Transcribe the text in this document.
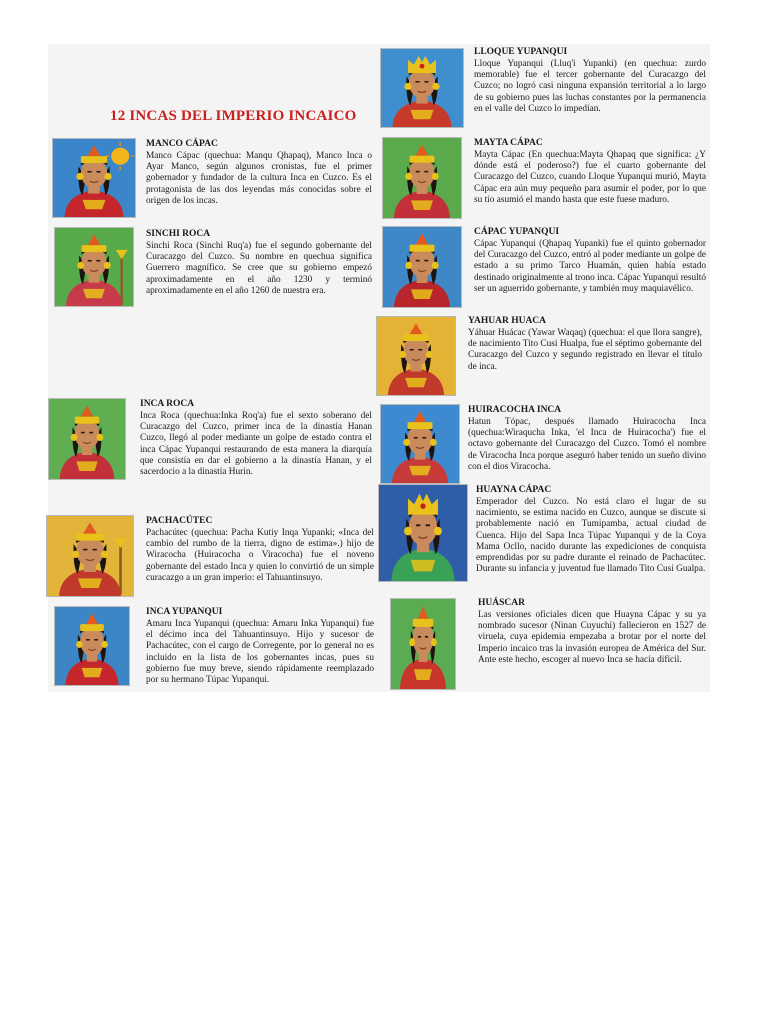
12 INCAS DEL IMPERIO INCAICO
MANCO CÁPAC
Manco Cápac (quechua: Manqu Qhapaq), Manco Inca o Ayar Manco, según algunos cronistas, fue el primer gobernador y fundador de la cultura Inca en Cuzco. Es el protagonista de las dos leyendas más conocidas sobre el origen de los incas.
SINCHI ROCA
Sinchi Roca (Sinchi Ruq'a) fue el segundo gobernante del Curacazgo del Cuzco. Su nombre en quechua significa Guerrero magnífico. Se cree que su gobierno empezó aproximadamente en el año 1230 y terminó aproximadamente en el año 1260 de nuestra era.
INCA ROCA
Inca Roca (quechua:Inka Roq'a) fue el sexto soberano del Curacazgo del Cuzco, primer inca de la dinastía Hanan Cuzco, llegó al poder mediante un golpe de estado contra el inca Cápac Yupanqui restaurando de esta manera la diarquía que consistía en dar el gobierno a la dinastía Hanan, y el sacerdocio a la dinastía Hurin.
PACHACÚTEC
Pachacútec (quechua: Pacha Kutiy Inqa Yupanki; «Inca del cambio del rumbo de la tierra, digno de estima».) hijo de Wiracocha (Huiracocha o Viracocha) fue el noveno gobernante del estado Inca y quien lo convirtió de un simple curacazgo a un gran imperio: el Tahuantinsuyo.
INCA YUPANQUI
Amaru Inca Yupanqui (quechua: Amaru Inka Yupanqui) fue el décimo inca del Tahuantinsuyo. Hijo y sucesor de Pachacútec, con el cargo de Corregente, por lo general no es incluido en la lista de los gobernantes incas, pues su gobierno fue muy breve, siendo rápidamente reemplazado por su hermano Túpac Yupanqui.
LLOQUE YUPANQUI
Lloque Yupanqui (Lluq'i Yupanki) (en quechua: zurdo memorable) fue el tercer gobernante del Curacazgo del Cuzco; no logró casi ninguna expansión territorial a lo largo de su gobierno pues las luchas constantes por la permanencia en el valle del Cuzco lo impedían.
MAYTA CÁPAC
Mayta Cápac (En quechua:Mayta Qhapaq que significa: ¿Y dónde está el poderoso?) fue el cuarto gobernante del Curacazgo del Cuzco, cuando Lloque Yupanqui murió, Mayta Cápac era aún muy pequeño para asumir el poder, por lo que su tío asumió el mando hasta que este fuese maduro.
CÁPAC YUPANQUI
Cápac Yupanqui (Qhapaq Yupanki) fue el quinto gobernador del Curacazgo del Cuzco, entró al poder mediante un golpe de estado a su primo Tarco Huamán, quien había estado destinado originalmente al trono inca. Cápac Yupanqui resultó ser un aguerrido gobernante, y también muy maquiavélico.
YAHUAR HUACA
Yáhuar Huácac (Yawar Waqaq) (quechua: el que llora sangre), de nacimiento Tito Cusi Hualpa, fue el séptimo gobernante del Curacazgo del Cuzco y segundo registrado en llevar el título de inca.
HUIRACOCHA INCA
Hatun Tópac, después llamado Huiracocha Inca (quechua:Wiraqucha Inka, 'el Inca de Huiracocha') fue el octavo gobernante del Curacazgo del Cuzco. Tomó el nombre de Viracocha Inca porque aseguró haber tenido un sueño divino con el dios Viracocha.
HUAYNA CÁPAC
Emperador del Cuzco. No está claro el lugar de su nacimiento, se estima nacido en Cuzco, aunque se discute si probablemente nació en Tumipamba, actual ciudad de Cuenca. Hijo del Sapa Inca Túpac Yupanqui y de la Coya Mama Ocllo, nacido durante las expediciones de conquista emprendidas por su padre durante el reinado de Pachacútec. Durante su infancia y juventud fue llamado Tito Cusi Gualpa.
HUÁSCAR
Las versiones oficiales dicen que Huayna Cápac y su ya nombrado sucesor (Ninan Cuyuchi) fallecieron en 1527 de viruela, cuya epidemia empezaba a brotar por el norte del Imperio incaico tras la invasión europea de América del Sur. Ante este hecho, escoger al nuevo Inca se hacía difícil.
